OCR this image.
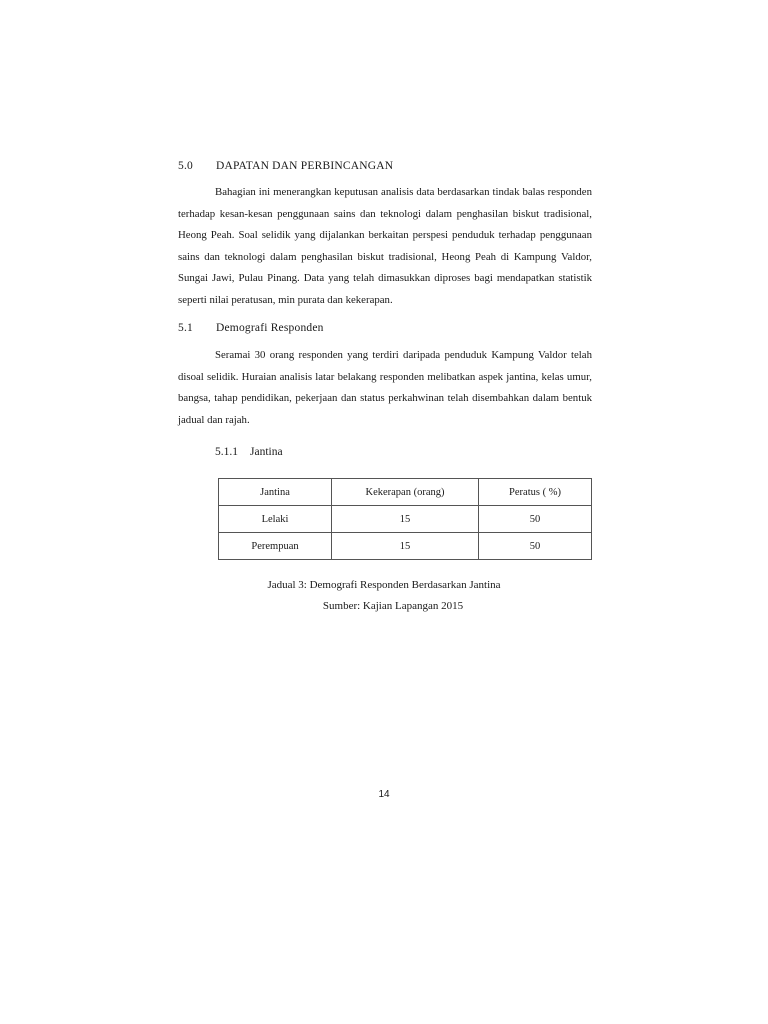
5.0 DAPATAN DAN PERBINCANGAN

Bahagian ini menerangkan keputusan analisis data berdasarkan tindak balas responden terhadap kesan-kesan penggunaan sains dan teknologi dalam penghasilan biskut tradisional, Heong Peah. Soal selidik yang dijalankan berkaitan perspesi penduduk terhadap penggunaan sains dan teknologi dalam penghasilan biskut tradisional, Heong Peah di Kampung Valdor, Sungai Jawi, Pulau Pinang. Data yang telah dimasukkan diproses bagi mendapatkan statistik seperti nilai peratusan, min purata dan kekerapan.

5.1 Demografi Responden

Seramai 30 orang responden yang terdiri daripada penduduk Kampung Valdor telah disoal selidik. Huraian analisis latar belakang responden melibatkan aspek jantina, kelas umur, bangsa, tahap pendidikan, pekerjaan dan status perkahwinan telah disembahkan dalam bentuk jadual dan rajah.

5.1.1 Jantina
Jantina	Kekerapan (orang)	Peratus ( %)
Lelaki	15	50
Perempuan	15	50
Jadual 3: Demografi Responden Berdasarkan Jantina
Sumber: Kajian Lapangan 2015
14
